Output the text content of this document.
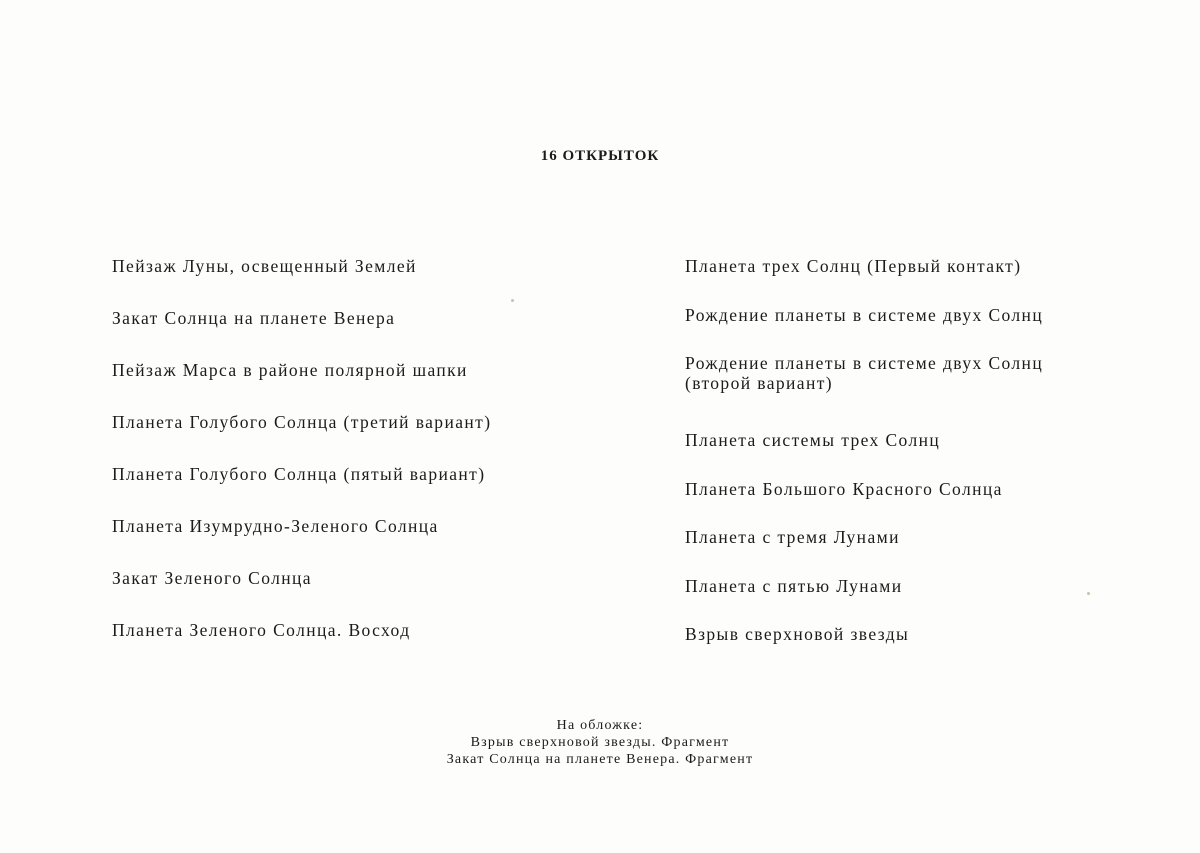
16 ОТКРЫТОК
Пейзаж Луны, освещенный Землей
Закат Солнца на планете Венера
Пейзаж Марса в районе полярной шапки
Планета Голубого Солнца (третий вариант)
Планета Голубого Солнца (пятый вариант)
Планета Изумрудно-Зеленого Солнца
Закат Зеленого Солнца
Планета Зеленого Солнца. Восход
Планета трех Солнц (Первый контакт)
Рождение планеты в системе двух Солнц
Рождение планеты в системе двух Солнц
(второй вариант)
Планета системы трех Солнц
Планета Большого Красного Солнца
Планета с тремя Лунами
Планета с пятью Лунами
Взрыв сверхновой звезды
На обложке:
Взрыв сверхновой звезды. Фрагмент
Закат Солнца на планете Венера. Фрагмент
